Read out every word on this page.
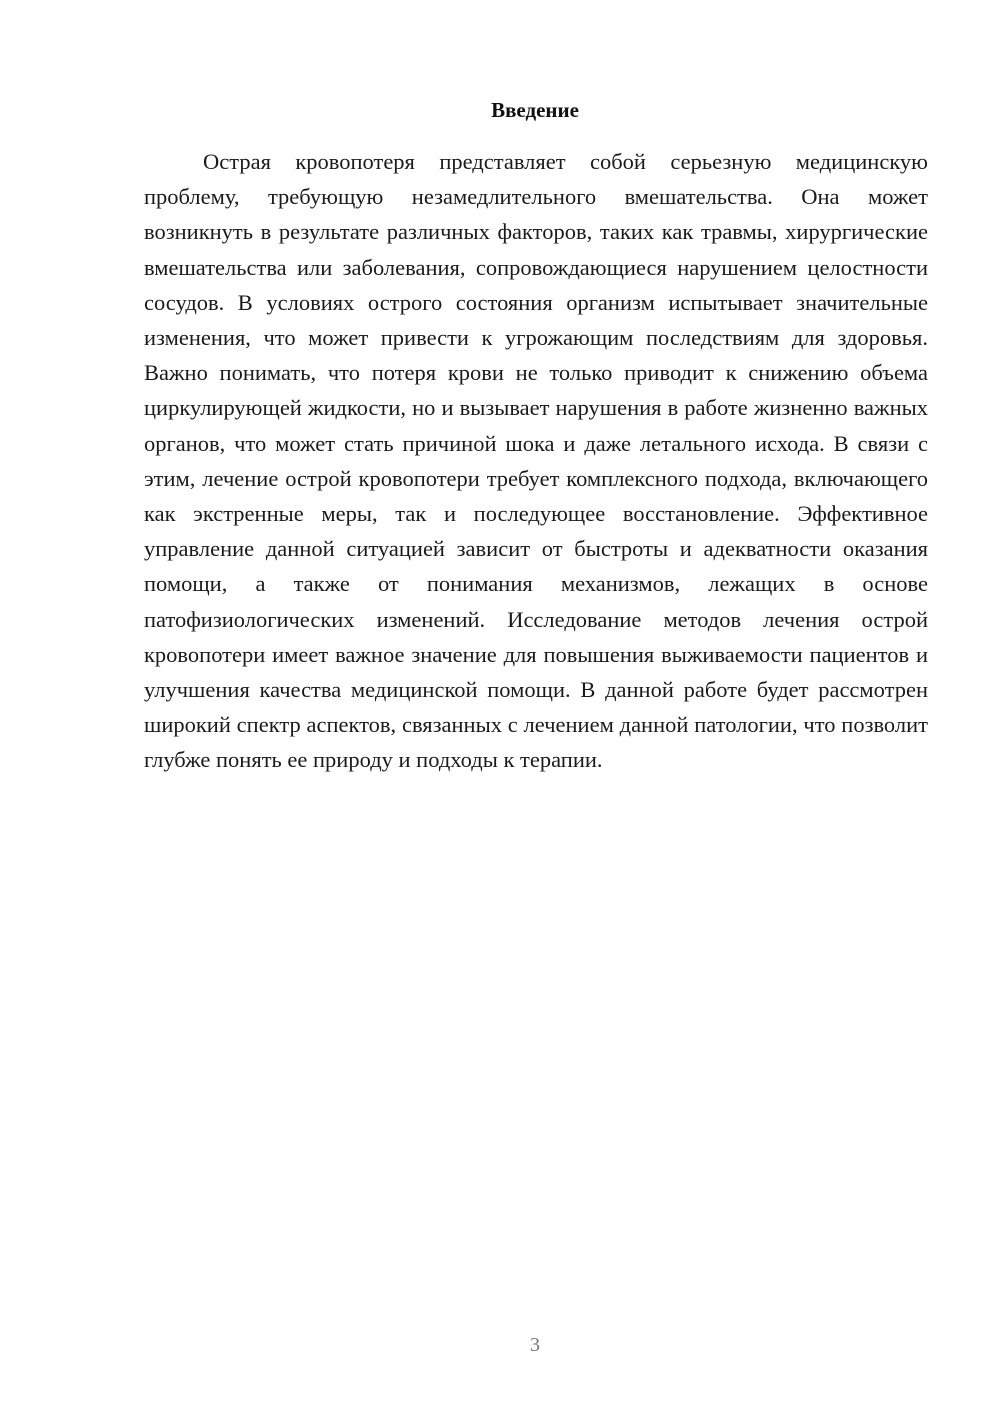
Введение

Острая кровопотеря представляет собой серьезную медицинскую проблему, требующую незамедлительного вмешательства. Она может возникнуть в результате различных факторов, таких как травмы, хирургические вмешательства или заболевания, сопровождающиеся нарушением целостности сосудов. В условиях острого состояния организм испытывает значительные изменения, что может привести к угрожающим последствиям для здоровья. Важно понимать, что потеря крови не только приводит к снижению объема циркулирующей жидкости, но и вызывает нарушения в работе жизненно важных органов, что может стать причиной шока и даже летального исхода. В связи с этим, лечение острой кровопотери требует комплексного подхода, включающего как экстренные меры, так и последующее восстановление. Эффективное управление данной ситуацией зависит от быстроты и адекватности оказания помощи, а также от понимания механизмов, лежащих в основе патофизиологических изменений. Исследование методов лечения острой кровопотери имеет важное значение для повышения выживаемости пациентов и улучшения качества медицинской помощи. В данной работе будет рассмотрен широкий спектр аспектов, связанных с лечением данной патологии, что позволит глубже понять ее природу и подходы к терапии.

3
